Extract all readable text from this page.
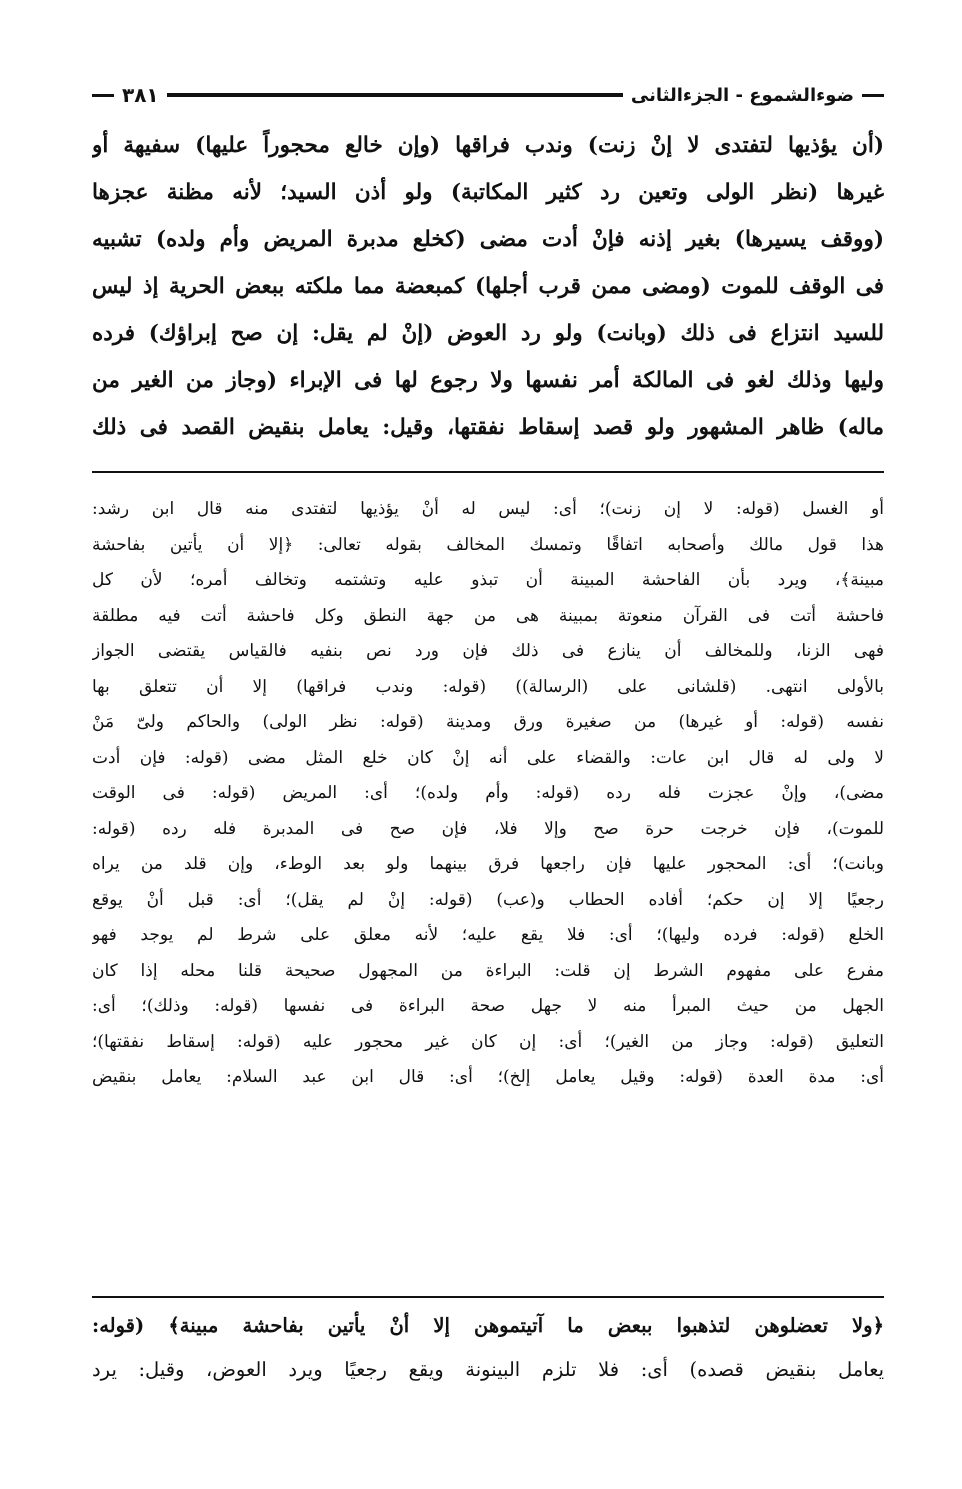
ضوءالشموع - الجزءالثانى
٣٨١
(أن يؤذيها لتفتدى لا إنْ زنت) وندب فراقها (وإن خالع محجوراً عليها) سفيهة أو
غيرها (نظر الولى وتعين رد كثير المكاتبة) ولو أذن السيد؛ لأنه مظنة عجزها
(ووقف يسيرها) بغير إذنه فإنْ أدت مضى (كخلع مدبرة المريض وأم ولده) تشبيه
فى الوقف للموت (ومضى ممن قرب أجلها) كمبعضة مما ملكته ببعض الحرية إذ ليس
للسيد انتزاع فى ذلك (وبانت) ولو رد العوض (إنْ لم يقل: إن صح إبراؤك) فرده
وليها وذلك لغو فى المالكة أمر نفسها ولا رجوع لها فى الإبراء (وجاز من الغير من
ماله) ظاهر المشهور ولو قصد إسقاط نفقتها، وقيل: يعامل بنقيض القصد فى ذلك
أو الغسل (قوله: لا إن زنت)؛ أى: ليس له أنْ يؤذيها لتفتدى منه قال ابن رشد:
هذا قول مالك وأصحابه اتفاقًا وتمسك المخالف بقوله تعالى: ﴿إلا أن يأتين بفاحشة
مبينة﴾، ويرد بأن الفاحشة المبينة أن تبذو عليه وتشتمه وتخالف أمره؛ لأن كل
فاحشة أتت فى القرآن منعوتة بمبينة هى من جهة النطق وكل فاحشة أتت فيه مطلقة
فهى الزنا، وللمخالف أن ينازع فى ذلك فإن ورد نص بنفيه فالقياس يقتضى الجواز
بالأولى انتهى. (قلشانى على (الرسالة)) (قوله: وندب فراقها) إلا أن تتعلق بها
نفسه (قوله: أو غيرها) من صغيرة ورق ومدينة (قوله: نظر الولى) والحاكم ولىّ مَنْ
لا ولى له قال ابن عات: والقضاء على أنه إنْ كان خلع المثل مضى (قوله: فإن أدت
مضى)، وإنْ عجزت فله رده (قوله: وأم ولده)؛ أى: المريض (قوله: فى الوقت
للموت)، فإن خرجت حرة صح وإلا فلا، فإن صح فى المدبرة فله رده (قوله:
وبانت)؛ أى: المحجور عليها فإن راجعها فرق بينهما ولو بعد الوطء، وإن قلد من يراه
رجعيًا إلا إن حكم؛ أفاده الحطاب و(عب) (قوله: إنْ لم يقل)؛ أى: قبل أنْ يوقع
الخلع (قوله: فرده وليها)؛ أى: فلا يقع عليه؛ لأنه معلق على شرط لم يوجد فهو
مفرع على مفهوم الشرط إن قلت: البراءة من المجهول صحيحة قلنا محله إذا كان
الجهل من حيث المبرأ منه لا جهل صحة البراءة فى نفسها (قوله: وذلك)؛ أى:
التعليق (قوله: وجاز من الغير)؛ أى: إن كان غير محجور عليه (قوله: إسقاط نفقتها)؛
أى: مدة العدة (قوله: وقيل يعامل إلخ)؛ أى: قال ابن عبد السلام: يعامل بنقيض
﴿ولا تعضلوهن لتذهبوا ببعض ما آتيتموهن إلا أنْ يأتين بفاحشة مبينة﴾ (قوله:
يعامل بنقيض قصده) أى: فلا تلزم البينونة ويقع رجعيًا ويرد العوض، وقيل: يرد
